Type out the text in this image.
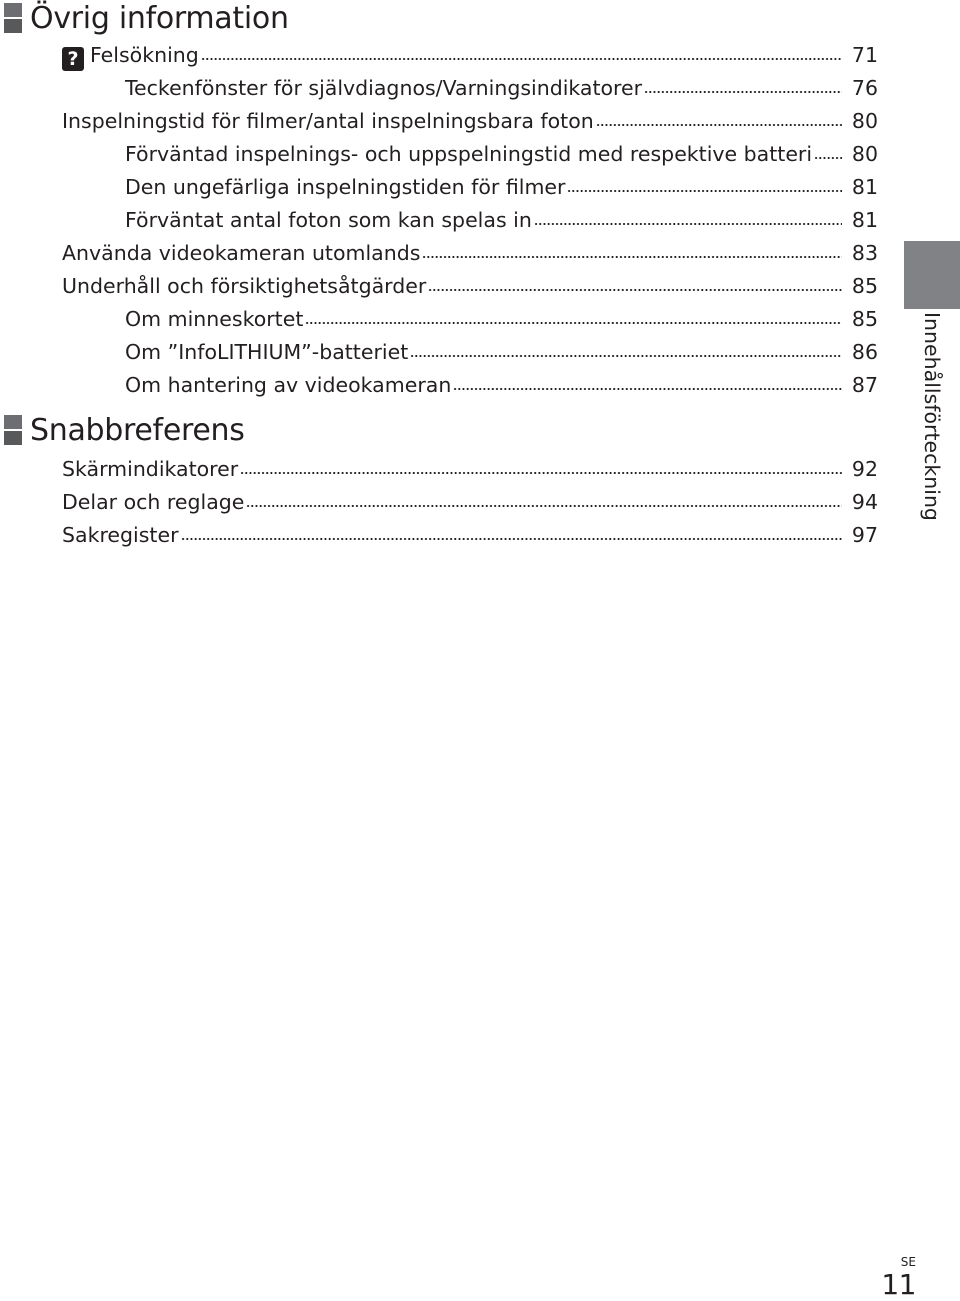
Övrig information
? Felsökning	71
Teckenfönster för självdiagnos/Varningsindikatorer	76
Inspelningstid för filmer/antal inspelningsbara foton	80
Förväntad inspelnings- och uppspelningstid med respektive batteri 80
Den ungefärliga inspelningstiden för filmer	81
Förväntat antal foton som kan spelas in	81
Använda videokameran utomlands	83
Underhåll och försiktighetsåtgärder	85
Om minneskortet	85
Om ”InfoLITHIUM”-batteriet	86
Om hantering av videokameran	87
Snabbreferens
Skärmindikatorer	92
Delar och reglage	94
Sakregister	97
Innehållsförteckning
SE
11
